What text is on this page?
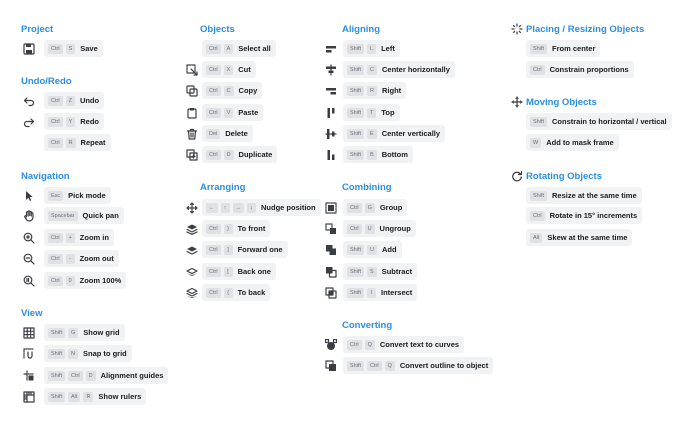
Project
Ctrl	S	Save
Undo/Redo
Ctrl	Z	Undo
Ctrl	Y	Redo
Ctrl	R	Repeat
Navigation
Esc	Pick mode
Spacebar	Quick pan
Ctrl	+	Zoom in
Ctrl	-	Zoom out
Ctrl	0	Zoom 100%
View
Shift	G	Show grid
Shift	N	Snap to grid
Shift	Ctrl	D	Alignment guides
Shift	Alt	R	Show rulers
Objects
Ctrl	A	Select all
Ctrl	X	Cut
Ctrl	C	Copy
Ctrl	V	Paste
Del	Delete
Ctrl	D	Duplicate
Arranging
←	↑	→	↓	Nudge position
Ctrl	}	To front
Ctrl	]	Forward one
Ctrl	[	Back one
Ctrl	{	To back
Aligning
Shift	L	Left
Shift	C	Center horizontally
Shift	R	Right
Shift	T	Top
Shift	E	Center vertically
Shift	B	Bottom
Combining
Ctrl	G	Group
Ctrl	U	Ungroup
Shift	U	Add
Shift	S	Subtract
Shift	I	Intersect
Converting
Ctrl	Q	Convert text to curves
Shift	Ctrl	Q	Convert outline to object
Placing / Resizing Objects
Shift	From center
Ctrl	Constrain proportions
Moving Objects
Shift	Constrain to horizontal / vertical
W	Add to mask frame
Rotating Objects
Shift	Resize at the same time
Ctrl	Rotate in 15° increments
Alt	Skew at the same time
